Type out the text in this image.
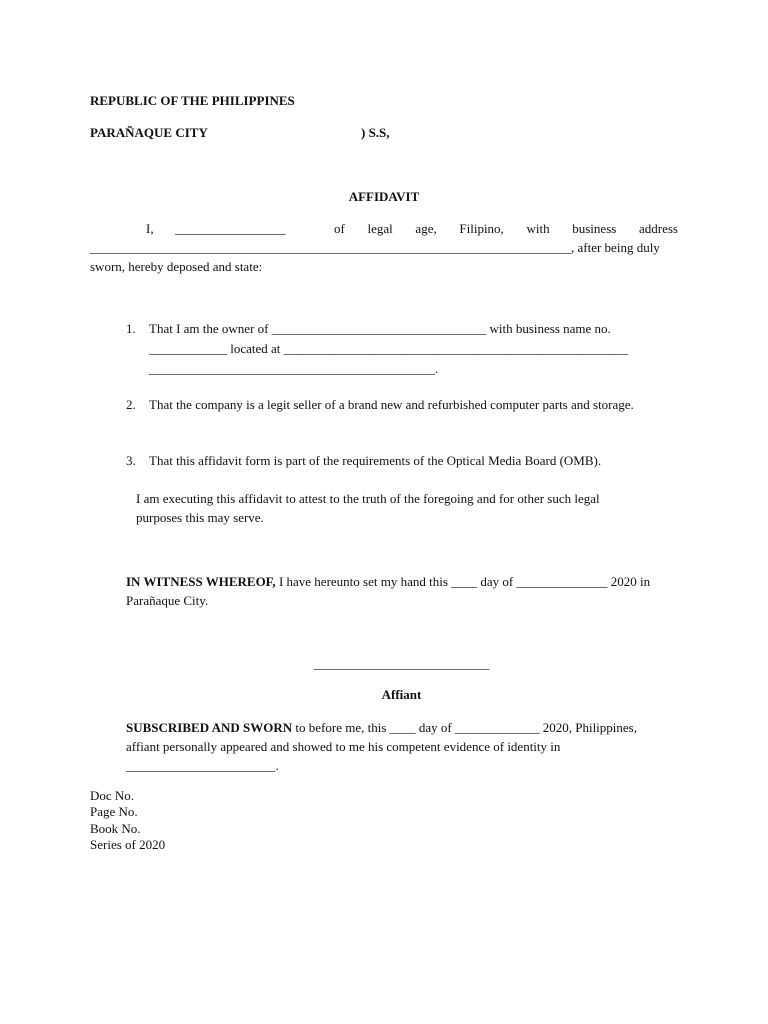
REPUBLIC OF THE PHILIPPINES
PARAÑAQUE CITY	) S.S,
AFFIDAVIT
I, _________________	of legal age, Filipino, with business address
__________________________________________________________________________, after being duly
sworn, hereby deposed and state:
1. That I am the owner of _________________________________ with business name no.
____________ located at _____________________________________________________
____________________________________________.
2. That the company is a legit seller of a brand new and refurbished computer parts and storage.
3. That this affidavit form is part of the requirements of the Optical Media Board (OMB).
I am executing this affidavit to attest to the truth of the foregoing and for other such legal
purposes this may serve.
IN WITNESS WHEREOF, I have hereunto set my hand this ____ day of ______________ 2020 in
Parañaque City.
___________________________
Affiant
SUBSCRIBED AND SWORN to before me, this ____ day of _____________ 2020, Philippines,
affiant personally appeared and showed to me his competent evidence of identity in
_______________________.
Doc No.
Page No.
Book No.
Series of 2020
